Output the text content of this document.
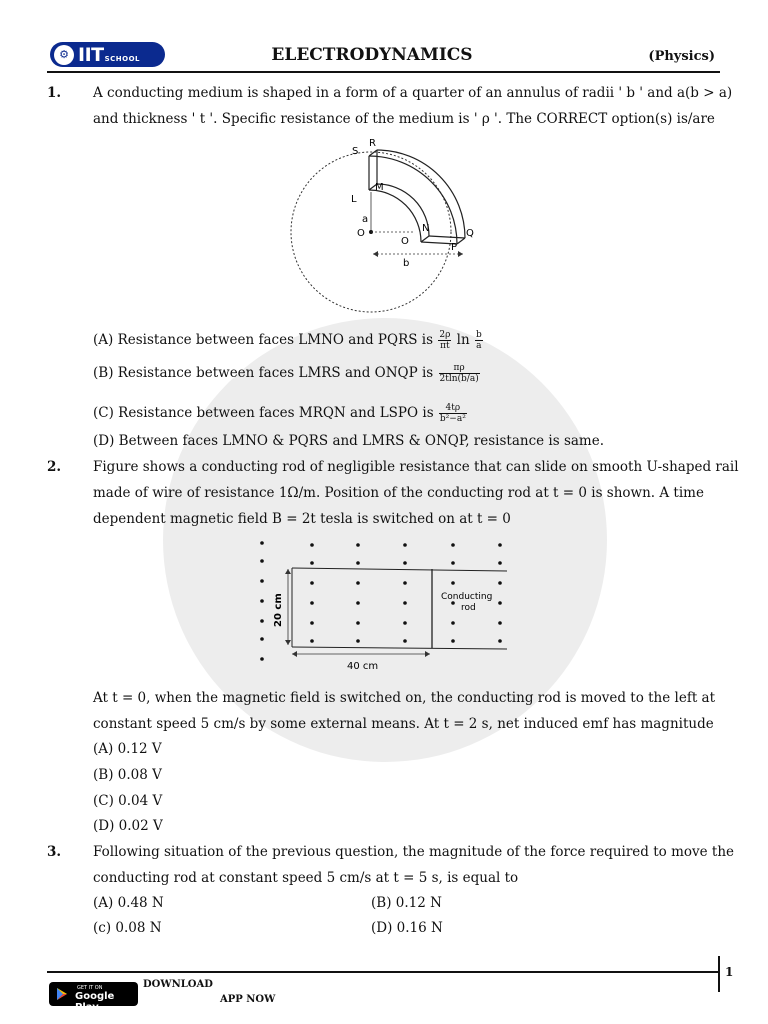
⚙ IIT SCHOOL	ELECTRODYNAMICS	(Physics)
1. A conducting medium is shaped in a form of a quarter of an annulus of radii ' b ' and a(b > a)
and thickness ' t '. Specific resistance of the medium is ' ρ '. The CORRECT option(s) is/are
S
R
M
L
a
O
O
N	Q
P
b
(A) Resistance between faces LMNO and PQRS is $\frac{2\rho}{\pi t}$ $\ln \frac{b}{a}$
(B) Resistance between faces LMRS and ONQP is $\frac{\pi\rho}{2tln(b/a)}$
(C) Resistance between faces MRQN and LSPO is $\frac{4t\rho}{\text{b²−a²}}$
(D) Between faces LMNO & PQRS and LMRS & ONQP, resistance is same.
2. Figure shows a conducting rod of negligible resistance that can slide on smooth U-shaped rail
made of wire of resistance 1Ω/m. Position of the conducting rod at t = 0 is shown. A time
dependent magnetic field B = 2t tesla is switched on at t = 0
20 cm
40 cm
Conducting
rod
At t = 0, when the magnetic field is switched on, the conducting rod is moved to the left at
constant speed 5 cm/s by some external means. At t = 2 s, net induced emf has magnitude
(A) 0.12 V
(B) 0.08 V
(C) 0.04 V
(D) 0.02 V
3. Following situation of the previous question, the magnitude of the force required to move the
conducting rod at constant speed 5 cm/s at t = 5 s, is equal to
(A) 0.48 N	(B) 0.12 N
(c) 0.08 N	(D) 0.16 N
1
GET IT ON
Google Play
DOWNLOAD
APP NOW
